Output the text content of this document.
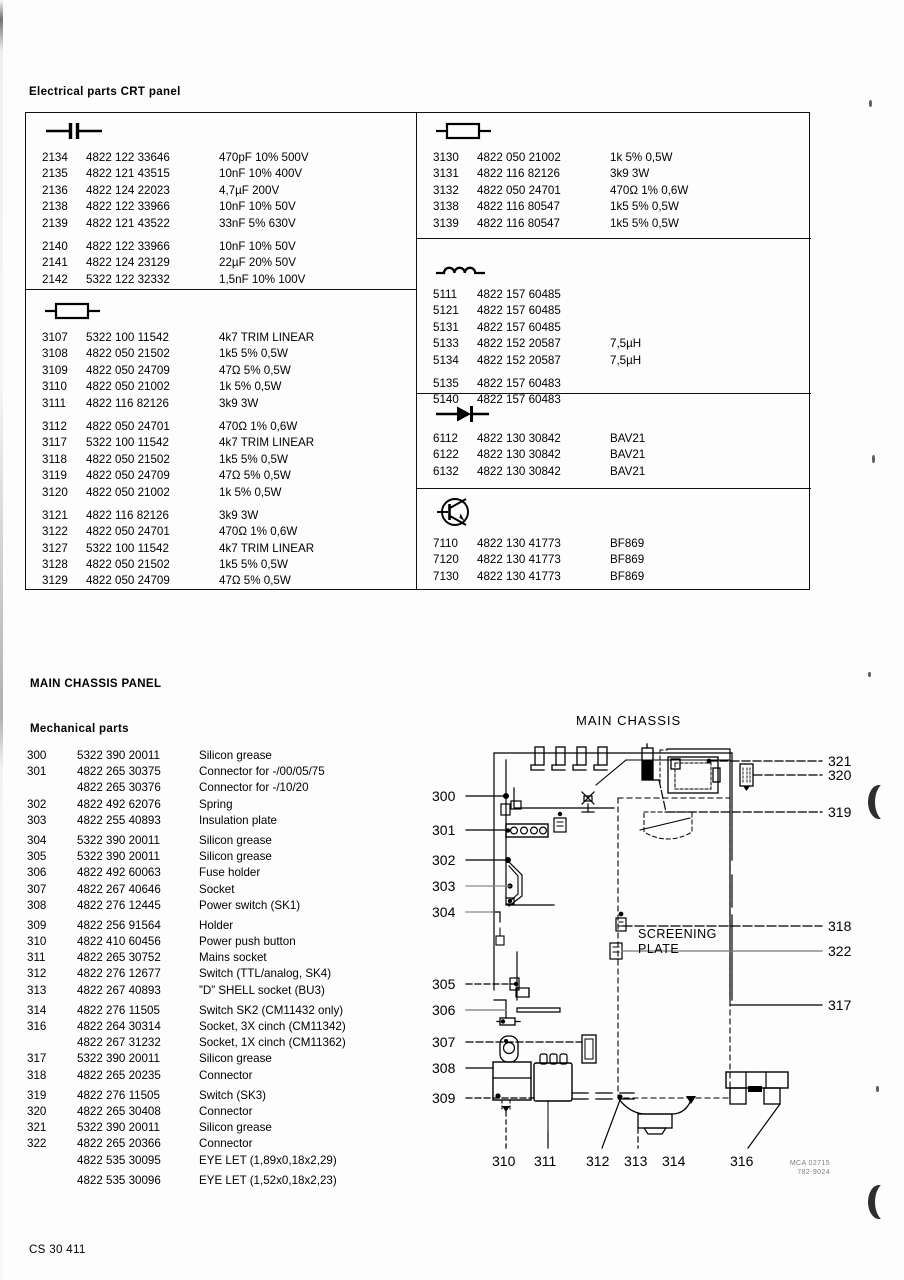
Electrical parts CRT panel
2134	4822 122 33646	470pF 10% 500V
2135	4822 121 43515	10nF 10% 400V
2136	4822 124 22023	4,7µF 200V
2138	4822 122 33966	10nF 10% 50V
2139	4822 121 43522	33nF 5% 630V
2140	4822 122 33966	10nF 10% 50V
2141	4822 124 23129	22µF 20% 50V
2142	5322 122 32332	1,5nF 10% 100V
3107	5322 100 11542	4k7 TRIM LINEAR
3108	4822 050 21502	1k5 5% 0,5W
3109	4822 050 24709	47Ω 5% 0,5W
3110	4822 050 21002	1k 5% 0,5W
3111	4822 116 82126	3k9 3W
3112	4822 050 24701	470Ω 1% 0,6W
3117	5322 100 11542	4k7 TRIM LINEAR
3118	4822 050 21502	1k5 5% 0,5W
3119	4822 050 24709	47Ω 5% 0,5W
3120	4822 050 21002	1k 5% 0,5W
3121	4822 116 82126	3k9 3W
3122	4822 050 24701	470Ω 1% 0,6W
3127	5322 100 11542	4k7 TRIM LINEAR
3128	4822 050 21502	1k5 5% 0,5W
3129	4822 050 24709	47Ω 5% 0,5W
3130	4822 050 21002	1k 5% 0,5W
3131	4822 116 82126	3k9 3W
3132	4822 050 24701	470Ω 1% 0,6W
3138	4822 116 80547	1k5 5% 0,5W
3139	4822 116 80547	1k5 5% 0,5W
5111	4822 157 60485
5121	4822 157 60485
5131	4822 157 60485
5133	4822 152 20587	7,5µH
5134	4822 152 20587	7,5µH
5135	4822 157 60483
5140	4822 157 60483
6112	4822 130 30842	BAV21
6122	4822 130 30842	BAV21
6132	4822 130 30842	BAV21
7110	4822 130 41773	BF869
7120	4822 130 41773	BF869
7130	4822 130 41773	BF869
MAIN CHASSIS PANEL
Mechanical parts
300	5322 390 20011	Silicon grease
301	4822 265 30375	Connector for -/00/05/75
4822 265 30376	Connector for -/10/20
302	4822 492 62076	Spring
303	4822 255 40893	Insulation plate
304	5322 390 20011	Silicon grease
305	5322 390 20011	Silicon grease
306	4822 492 60063	Fuse holder
307	4822 267 40646	Socket
308	4822 276 12445	Power switch (SK1)
309	4822 256 91564	Holder
310	4822 410 60456	Power push button
311	4822 265 30752	Mains socket
312	4822 276 12677	Switch (TTL/analog, SK4)
313	4822 267 40893	”D” SHELL socket (BU3)
314	4822 276 11505	Switch SK2 (CM11432 only)
316	4822 264 30314	Socket, 3X cinch (CM11342)
4822 267 31232	Socket, 1X cinch (CM11362)
317	5322 390 20011	Silicon grease
318	4822 265 20235	Connector
319	4822 276 11505	Switch (SK3)
320	4822 265 30408	Connector
321	5322 390 20011	Silicon grease
322	4822 265 20366	Connector
4822 535 30095	EYE LET (1,89x0,18x2,29)
4822 535 30096	EYE LET (1,52x0,18x2,23)
MAIN CHASSIS
300
301
302
303
304
305
306
307
308
309
321
320
319
318
317
322
310 311 312 313 314	316
SCREENING
PLATE
MCA 02715
782-9024
CS 30 411
